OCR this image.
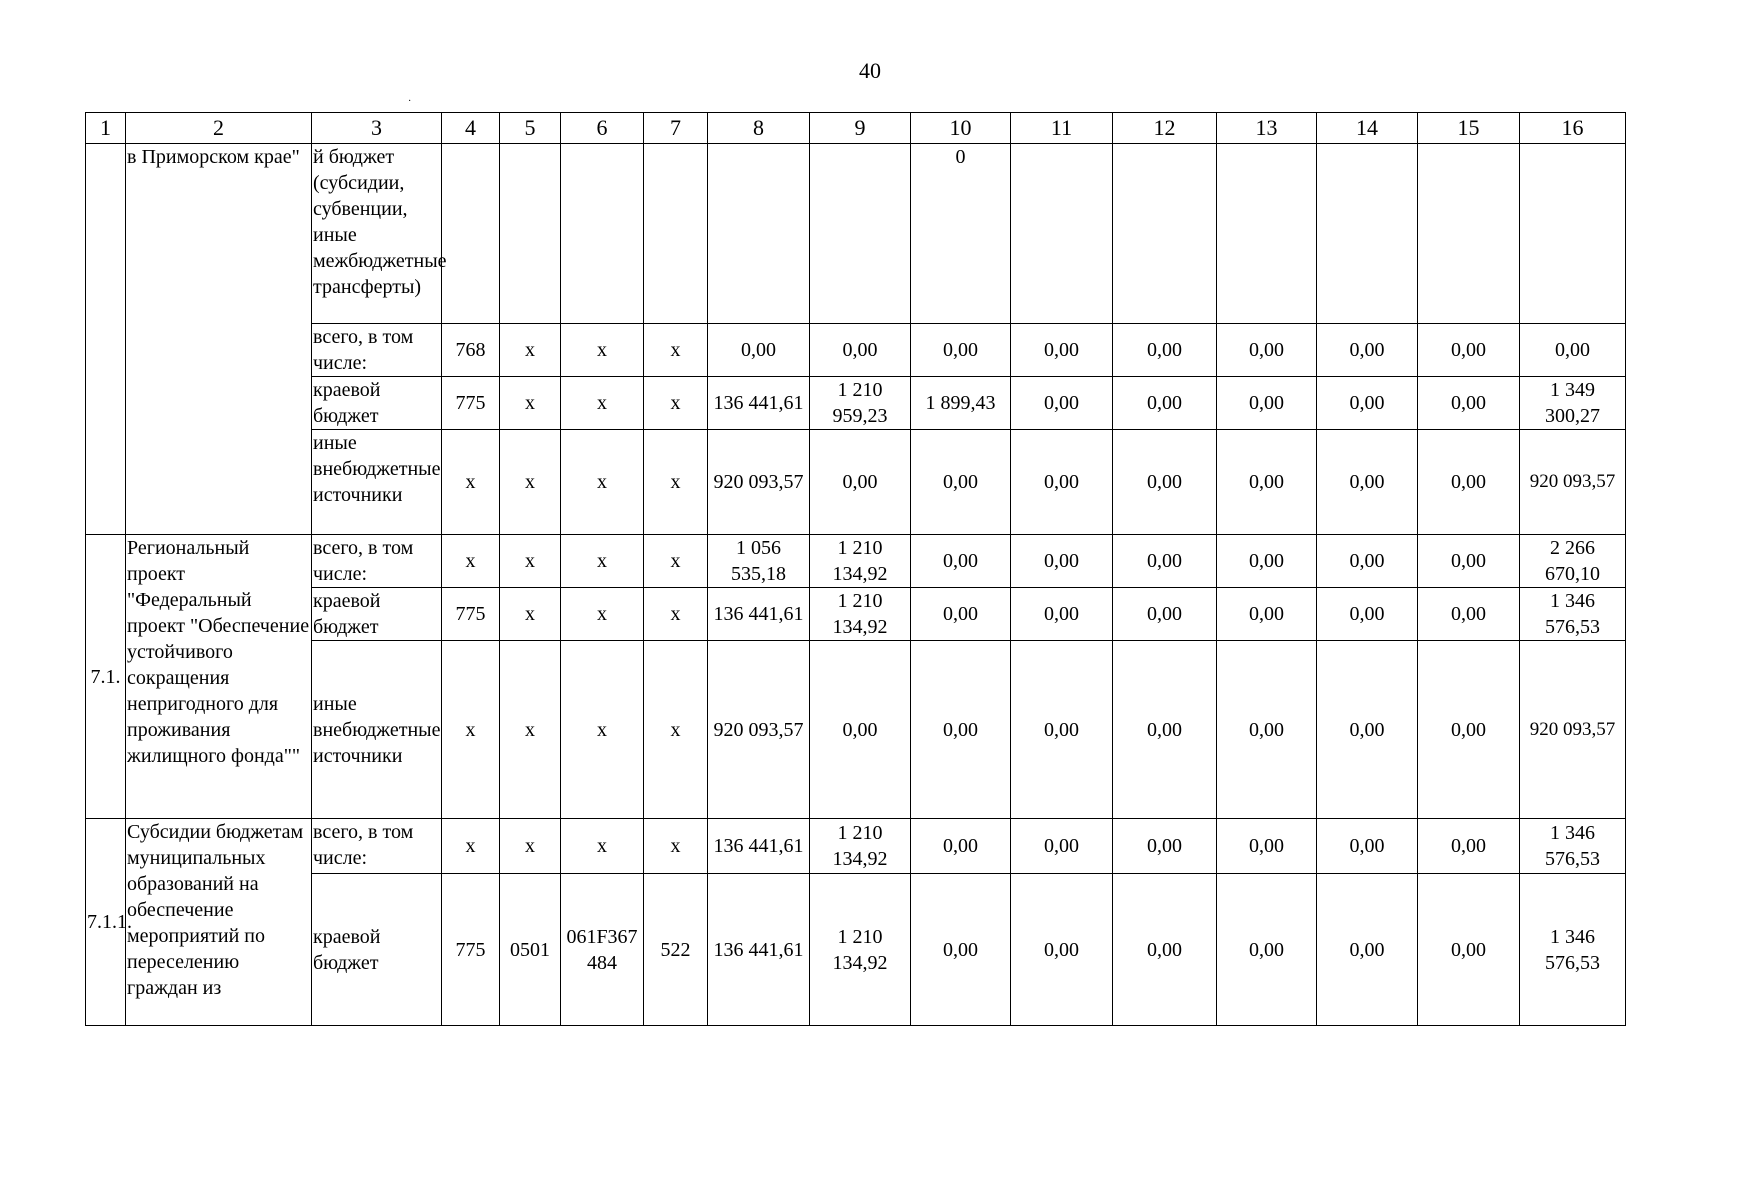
40
·
1	2	3	4	5	6	7	8	9	10	11	12	13	14	15	16
	в Приморском крае"	й бюджет (субсидии, субвенции, иные межбюджетные трансферты)							0						
		всего, в том числе:	768	x	x	x	0,00	0,00	0,00	0,00	0,00	0,00	0,00	0,00	0,00
		краевой бюджет	775	x	x	x	136 441,61	1 210 959,23	1 899,43	0,00	0,00	0,00	0,00	0,00	1 349 300,27
		иные внебюджетные источники	x	x	x	x	920 093,57	0,00	0,00	0,00	0,00	0,00	0,00	0,00	920 093,57
7.1.	Региональный проект "Федеральный проект "Обеспечение устойчивого сокращения непригодного для проживания жилищного фонда""	всего, в том числе:	x	x	x	x	1 056 535,18	1 210 134,92	0,00	0,00	0,00	0,00	0,00	0,00	2 266 670,10
		краевой бюджет	775	x	x	x	136 441,61	1 210 134,92	0,00	0,00	0,00	0,00	0,00	0,00	1 346 576,53
		иные внебюджетные источники	x	x	x	x	920 093,57	0,00	0,00	0,00	0,00	0,00	0,00	0,00	920 093,57
7.1.1.	Субсидии бюджетам муниципальных образований на обеспечение мероприятий по переселению граждан из	всего, в том числе:	x	x	x	x	136 441,61	1 210 134,92	0,00	0,00	0,00	0,00	0,00	0,00	1 346 576,53
		краевой бюджет	775	0501	061F367484	522	136 441,61	1 210 134,92	0,00	0,00	0,00	0,00	0,00	0,00	1 346 576,53
